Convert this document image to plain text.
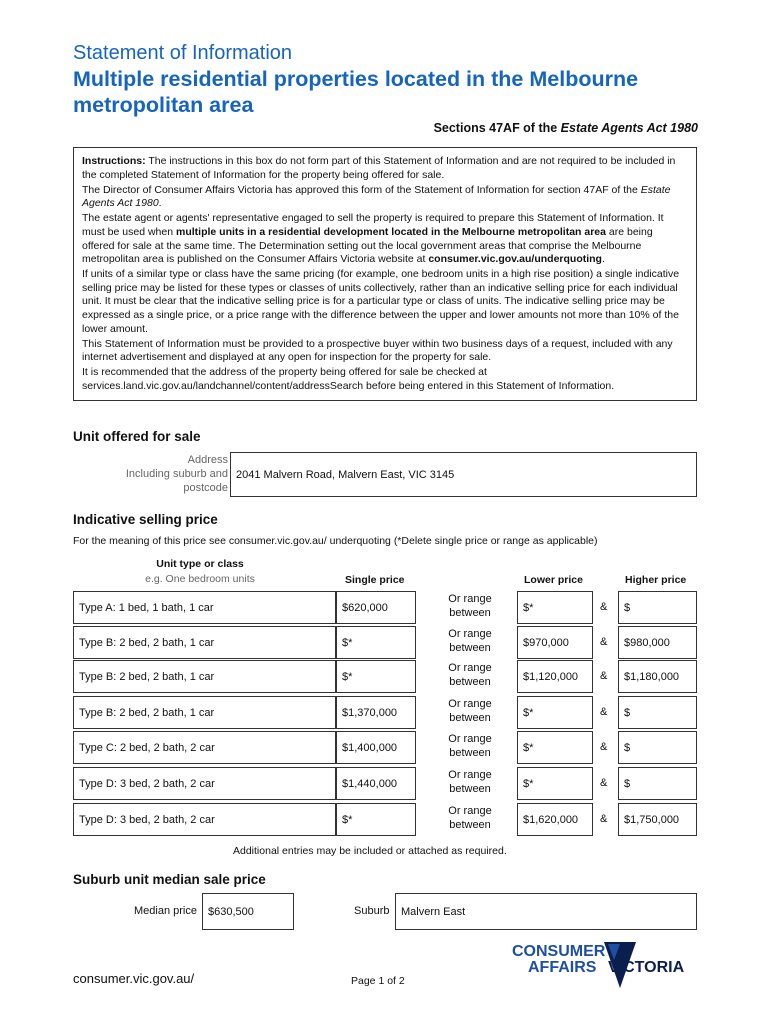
Statement of Information
Multiple residential properties located in the Melbourne metropolitan area
Sections 47AF of the Estate Agents Act 1980

Instructions: The instructions in this box do not form part of this Statement of Information and are not required to be included in the completed Statement of Information for the property being offered for sale.

The Director of Consumer Affairs Victoria has approved this form of the Statement of Information for section 47AF of the Estate Agents Act 1980.

The estate agent or agents' representative engaged to sell the property is required to prepare this Statement of Information. It must be used when multiple units in a residential development located in the Melbourne metropolitan area are being offered for sale at the same time. The Determination setting out the local government areas that comprise the Melbourne metropolitan area is published on the Consumer Affairs Victoria website at consumer.vic.gov.au/underquoting.

If units of a similar type or class have the same pricing (for example, one bedroom units in a high rise position) a single indicative selling price may be listed for these types or classes of units collectively, rather than an indicative selling price for each individual unit. It must be clear that the indicative selling price is for a particular type or class of units. The indicative selling price may be expressed as a single price, or a price range with the difference between the upper and lower amounts not more than 10% of the lower amount.

This Statement of Information must be provided to a prospective buyer within two business days of a request, included with any internet advertisement and displayed at any open for inspection for the property for sale.

It is recommended that the address of the property being offered for sale be checked at services.land.vic.gov.au/landchannel/content/addressSearch before being entered in this Statement of Information.

Unit offered for sale
Address
Including suburb and
postcode
2041 Malvern Road, Malvern East, VIC 3145
Indicative selling price
For the meaning of this price see consumer.vic.gov.au/ underquoting (*Delete single price or range as applicable)
Unit type or class
e.g. One bedroom units	Single price	Lower price	Higher price
Type A: 1 bed, 1 bath, 1 car	$620,000
Or range
between	$*	&	$
Type B: 2 bed, 2 bath, 1 car	$*
Or range
between	$970,000	&	$980,000
Type B: 2 bed, 2 bath, 1 car	$*
Or range
between	$1,120,000	&	$1,180,000
Type B: 2 bed, 2 bath, 1 car	$1,370,000
Or range
between	$*	&	$
Type C: 2 bed, 2 bath, 2 car	$1,400,000
Or range
between	$*	&	$
Type D: 3 bed, 2 bath, 2 car	$1,440,000
Or range
between	$*	&	$
Type D: 3 bed, 2 bath, 2 car	$*
Or range
between	$1,620,000	&	$1,750,000
Additional entries may be included or attached as required.
Suburb unit median sale price
Median price	$630,500	Suburb	Malvern East
consumer.vic.gov.au/	Page 1 of 2
CONSUMER
AFFAIRS VICTORIA
